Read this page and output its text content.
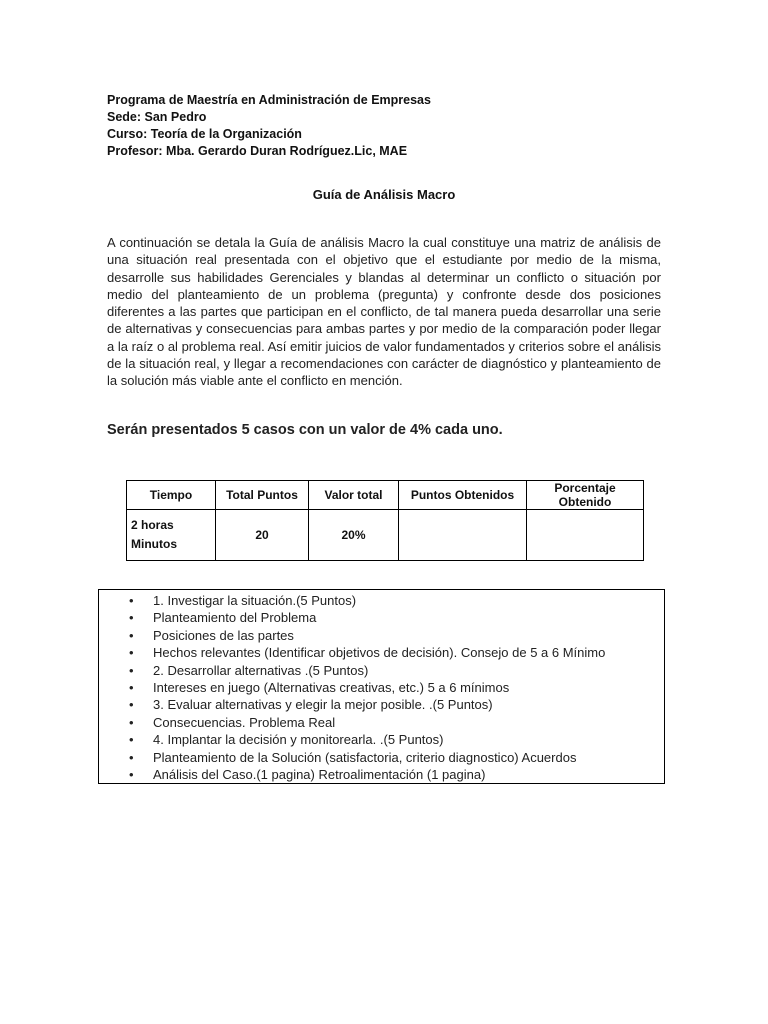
Programa de Maestría en Administración de Empresas
Sede: San Pedro
Curso: Teoría de la Organización
Profesor: Mba. Gerardo Duran Rodríguez.Lic, MAE
Guía de Análisis Macro
A continuación se detala la Guía de análisis Macro la cual constituye una matriz de análisis de una situación real presentada con el objetivo que el estudiante por medio de la misma, desarrolle sus habilidades Gerenciales y blandas al determinar un conflicto o situación por medio del planteamiento de un problema (pregunta) y confronte desde dos posiciones diferentes a las partes que participan en el conflicto, de tal manera pueda desarrollar una serie de alternativas y consecuencias para ambas partes y por medio de la comparación poder llegar a la raíz o al problema real. Así emitir juicios de valor fundamentados y criterios sobre el análisis de la situación real, y llegar a recomendaciones con carácter de diagnóstico y planteamiento de la solución más viable ante el conflicto en mención.
Serán presentados 5 casos con un valor de 4% cada uno.
Tiempo	Total Puntos	Valor total	Puntos Obtenidos	Porcentaje Obtenido

2 horas
Minutos	20	20%		
• 1. Investigar la situación.(5 Puntos)
• Planteamiento del Problema
• Posiciones de las partes
• Hechos relevantes (Identificar objetivos de decisión). Consejo de 5 a 6 Mínimo
• 2. Desarrollar alternativas .(5 Puntos)
• Intereses en juego (Alternativas creativas, etc.) 5 a 6 mínimos
• 3. Evaluar alternativas y elegir la mejor posible. .(5 Puntos)
• Consecuencias. Problema Real
• 4. Implantar la decisión y monitorearla. .(5 Puntos)
• Planteamiento de la Solución (satisfactoria, criterio diagnostico) Acuerdos
• Análisis del Caso.(1 pagina) Retroalimentación (1 pagina)
